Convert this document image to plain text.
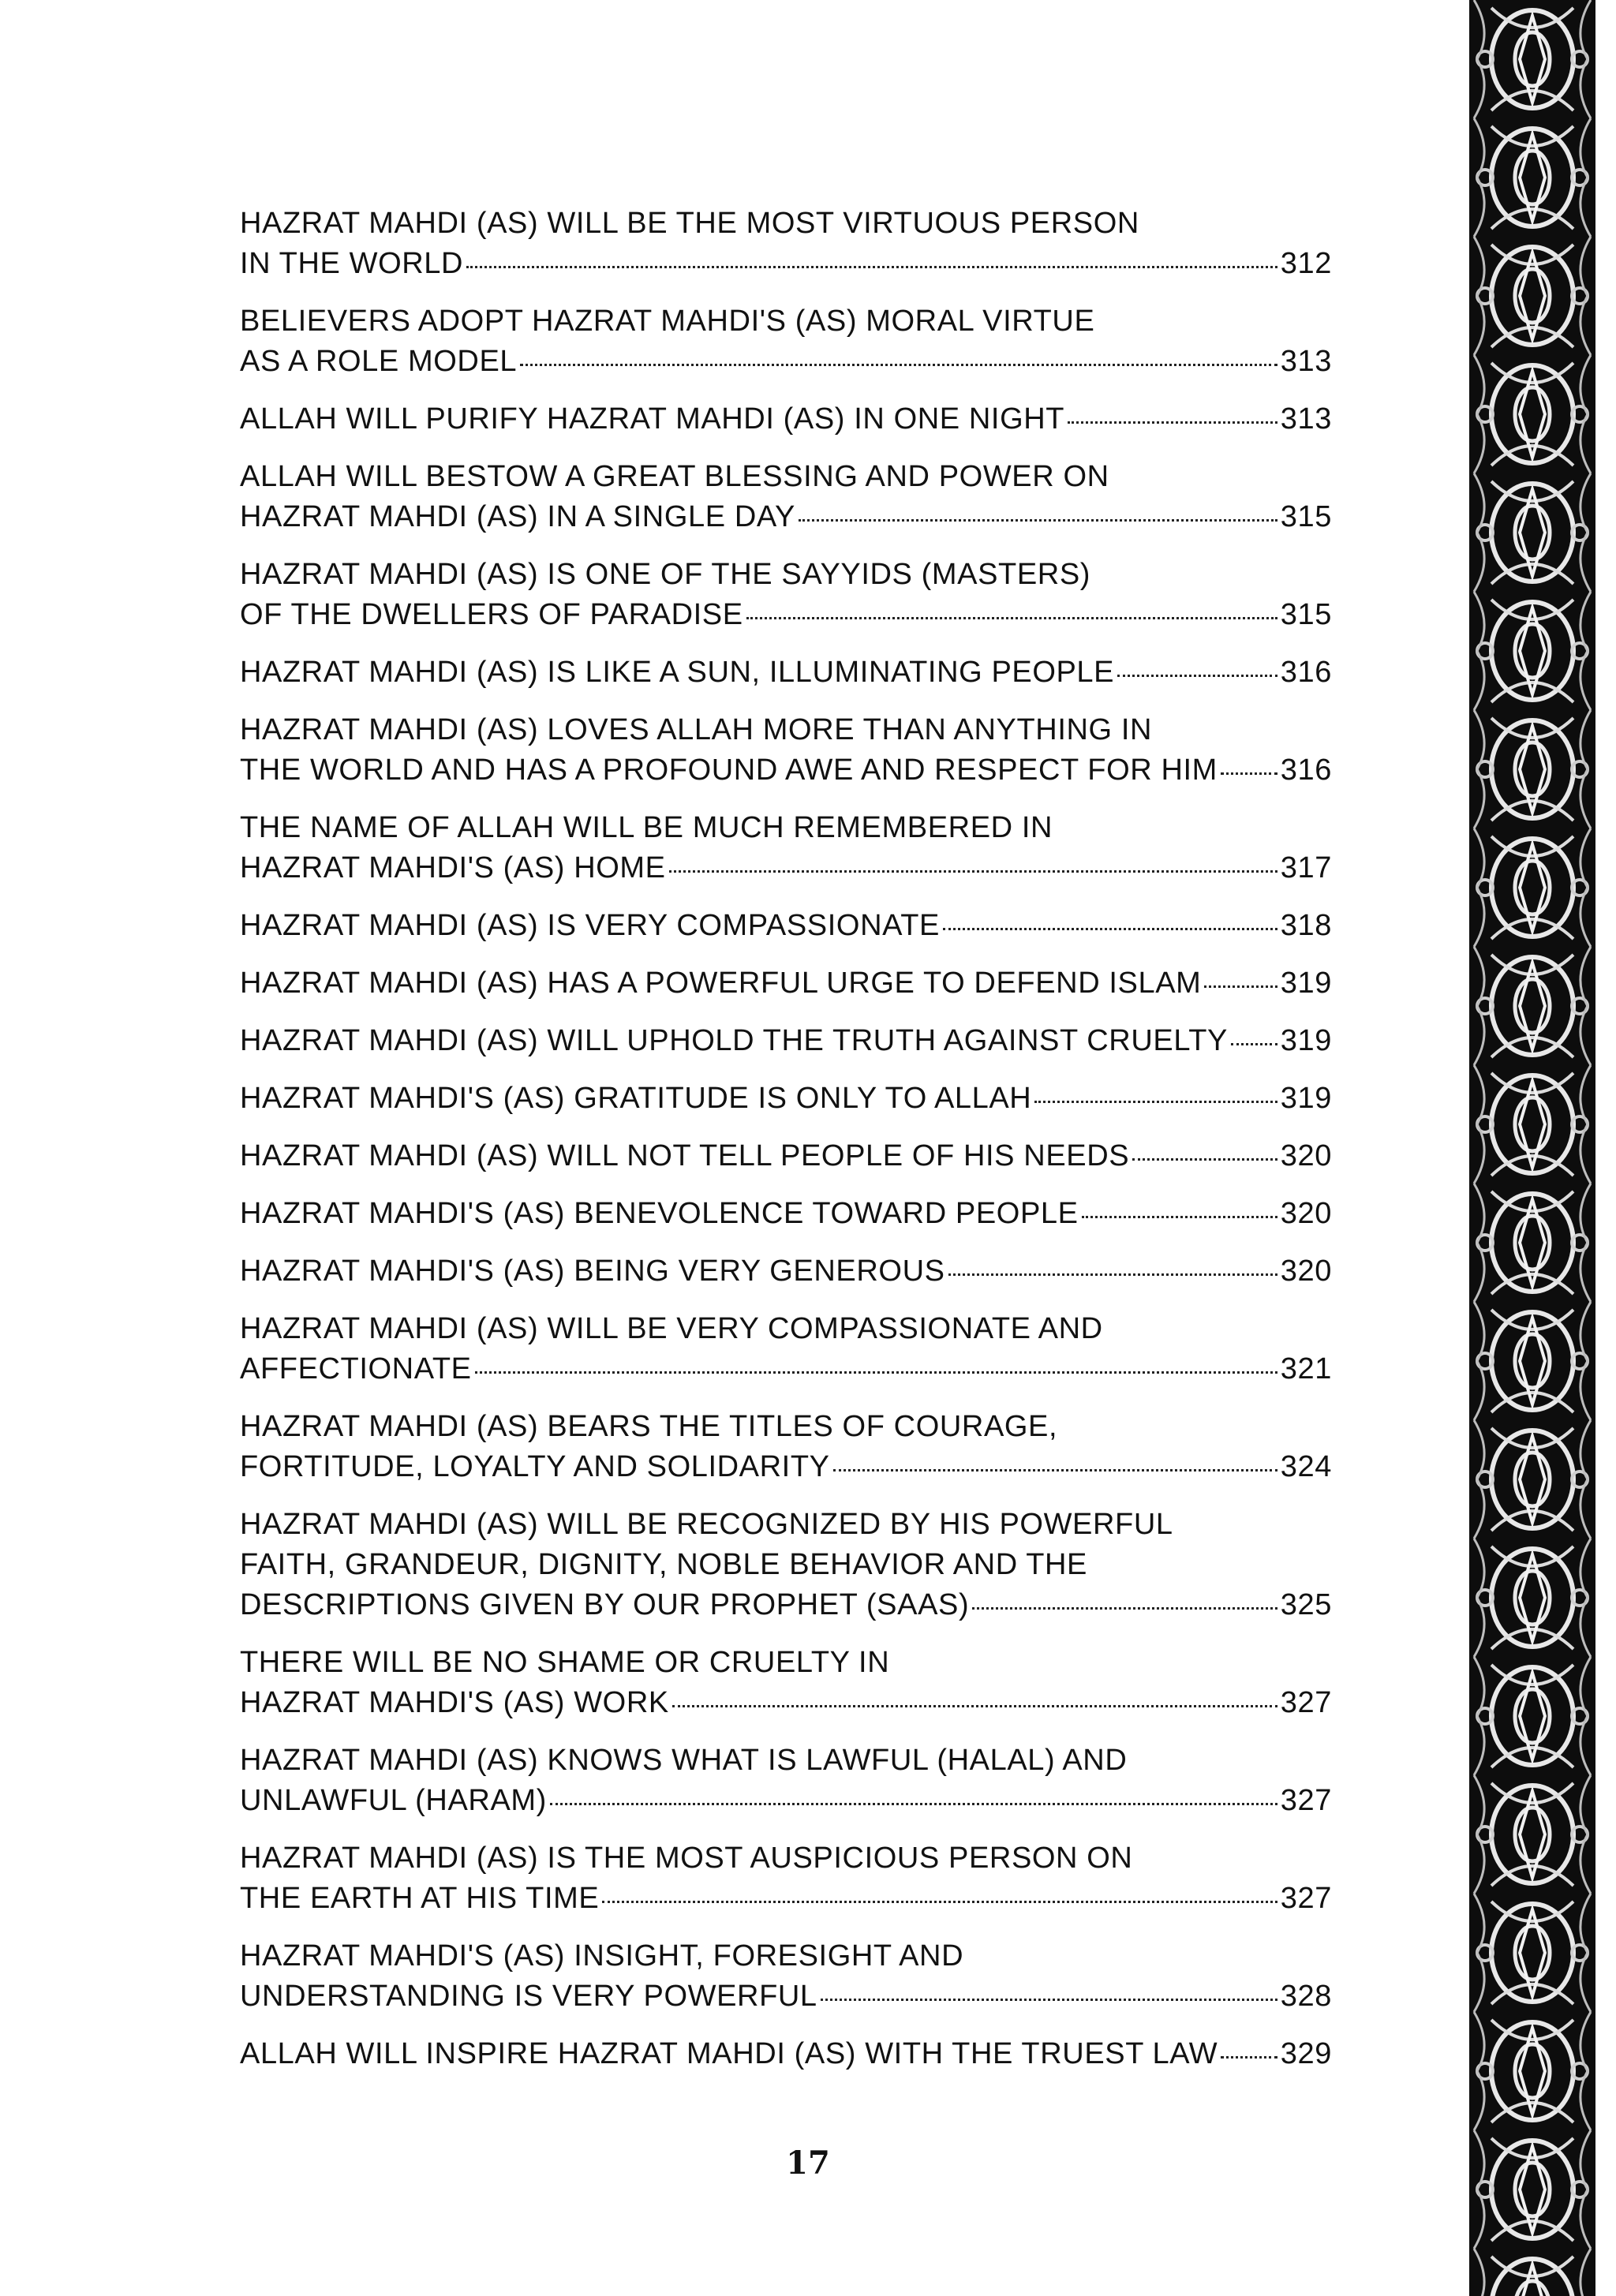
HAZRAT MAHDI (AS) WILL BE THE MOST VIRTUOUS PERSON
IN THE WORLD	312
BELIEVERS ADOPT HAZRAT MAHDI'S (AS) MORAL VIRTUE
AS A ROLE MODEL	313
ALLAH WILL PURIFY HAZRAT MAHDI (AS) IN ONE NIGHT	313
ALLAH WILL BESTOW A GREAT BLESSING AND POWER ON
HAZRAT MAHDI (AS) IN A SINGLE DAY	315
HAZRAT MAHDI (AS) IS ONE OF THE SAYYIDS (MASTERS)
OF THE DWELLERS OF PARADISE	315
HAZRAT MAHDI (AS) IS LIKE A SUN, ILLUMINATING PEOPLE	316
HAZRAT MAHDI (AS) LOVES ALLAH MORE THAN ANYTHING IN
THE WORLD AND HAS A PROFOUND AWE AND RESPECT FOR HIM 316
THE NAME OF ALLAH WILL BE MUCH REMEMBERED IN
HAZRAT MAHDI'S (AS) HOME	317
HAZRAT MAHDI (AS) IS VERY COMPASSIONATE	318
HAZRAT MAHDI (AS) HAS A POWERFUL URGE TO DEFEND ISLAM	319
HAZRAT MAHDI (AS) WILL UPHOLD THE TRUTH AGAINST CRUELTY 319
HAZRAT MAHDI'S (AS) GRATITUDE IS ONLY TO ALLAH	319
HAZRAT MAHDI (AS) WILL NOT TELL PEOPLE OF HIS NEEDS	320
HAZRAT MAHDI'S (AS) BENEVOLENCE TOWARD PEOPLE	320
HAZRAT MAHDI'S (AS) BEING VERY GENEROUS	320
HAZRAT MAHDI (AS) WILL BE VERY COMPASSIONATE AND
AFFECTIONATE	321
HAZRAT MAHDI (AS) BEARS THE TITLES OF COURAGE,
FORTITUDE, LOYALTY AND SOLIDARITY	324
HAZRAT MAHDI (AS) WILL BE RECOGNIZED BY HIS POWERFUL
FAITH, GRANDEUR, DIGNITY, NOBLE BEHAVIOR AND THE
DESCRIPTIONS GIVEN BY OUR PROPHET (SAAS)	325
THERE WILL BE NO SHAME OR CRUELTY IN
HAZRAT MAHDI'S (AS) WORK	327
HAZRAT MAHDI (AS) KNOWS WHAT IS LAWFUL (HALAL) AND
UNLAWFUL (HARAM)	327
HAZRAT MAHDI (AS) IS THE MOST AUSPICIOUS PERSON ON
THE EARTH AT HIS TIME	327
HAZRAT MAHDI'S (AS) INSIGHT, FORESIGHT AND
UNDERSTANDING IS VERY POWERFUL	328
ALLAH WILL INSPIRE HAZRAT MAHDI (AS) WITH THE TRUEST LAW 329
17
